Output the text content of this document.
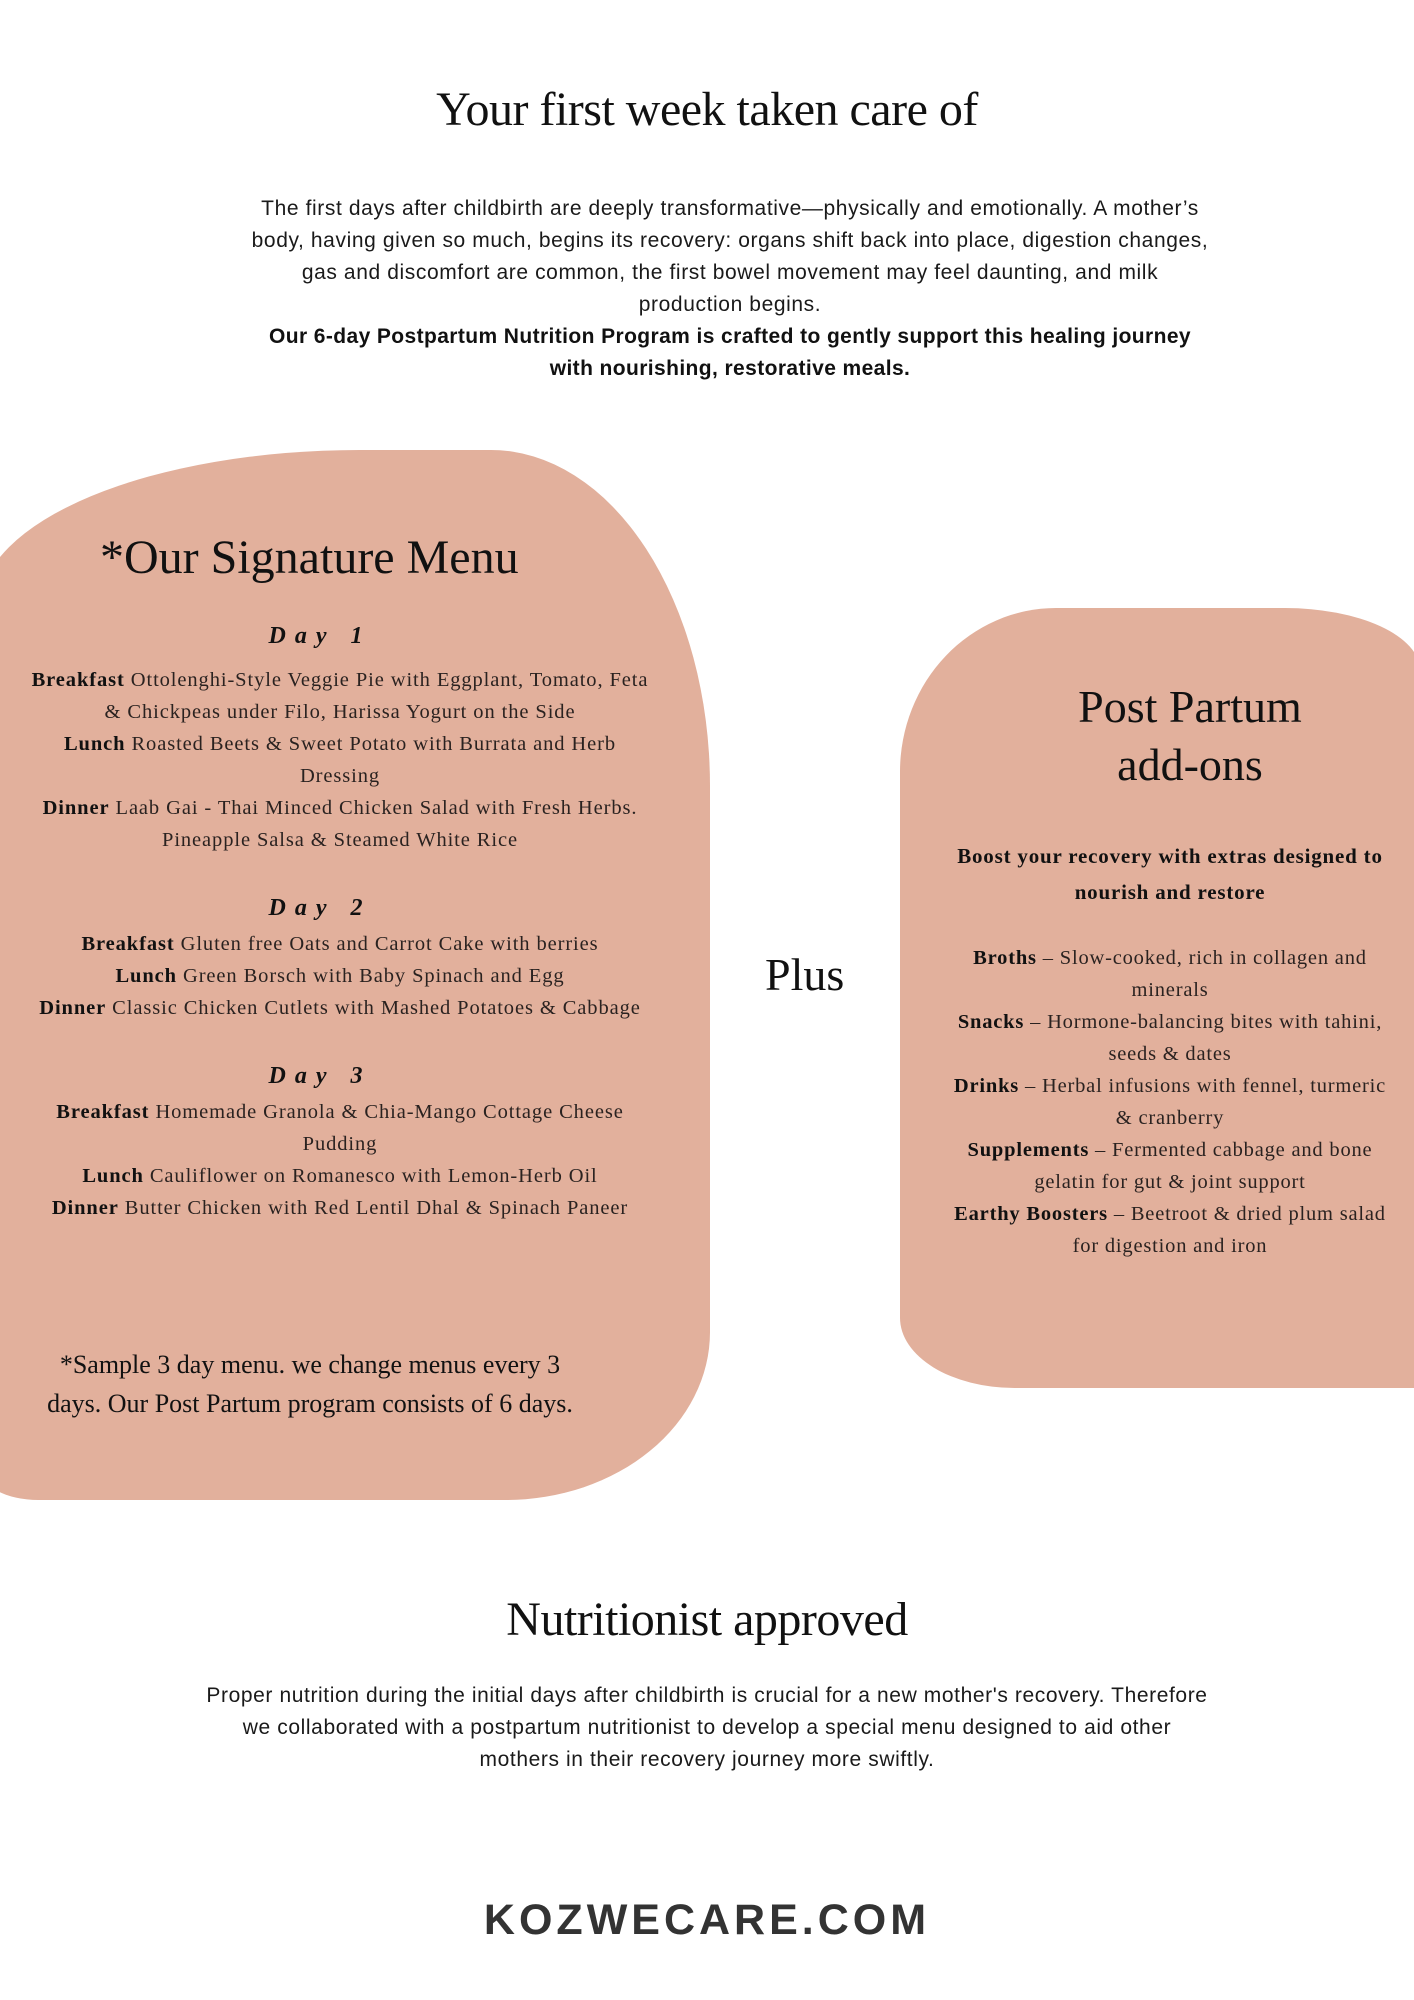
Your first week taken care of
The first days after childbirth are deeply transformative—physically and emotionally. A mother’s body, having given so much, begins its recovery: organs shift back into place, digestion changes, gas and discomfort are common, the first bowel movement may feel daunting, and milk production begins.
Our 6-day Postpartum Nutrition Program is crafted to gently support this healing journey with nourishing, restorative meals.
*Our Signature Menu
Day 1
Breakfast Ottolenghi-Style Veggie Pie with Eggplant, Tomato, Feta & Chickpeas under Filo, Harissa Yogurt on the Side
Lunch Roasted Beets & Sweet Potato with Burrata and Herb Dressing
Dinner Laab Gai - Thai Minced Chicken Salad with Fresh Herbs. Pineapple Salsa & Steamed White Rice
Day 2
Breakfast Gluten free Oats and Carrot Cake with berries
Lunch Green Borsch with Baby Spinach and Egg
Dinner Classic Chicken Cutlets with Mashed Potatoes & Cabbage
Day 3
Breakfast Homemade Granola & Chia-Mango Cottage Cheese Pudding
Lunch Cauliflower on Romanesco with Lemon-Herb Oil
Dinner Butter Chicken with Red Lentil Dhal & Spinach Paneer
*Sample 3 day menu. we change menus every 3 days. Our Post Partum program consists of 6 days.
Plus
Post Partum
add-ons
Boost your recovery with extras designed to nourish and restore
Broths – Slow-cooked, rich in collagen and minerals
Snacks – Hormone-balancing bites with tahini, seeds & dates
Drinks – Herbal infusions with fennel, turmeric & cranberry
Supplements – Fermented cabbage and bone gelatin for gut & joint support
Earthy Boosters – Beetroot & dried plum salad for digestion and iron
Nutritionist approved
Proper nutrition during the initial days after childbirth is crucial for a new mother's recovery. Therefore we collaborated with a postpartum nutritionist to develop a special menu designed to aid other mothers in their recovery journey more swiftly.
KOZWECARE.COM
